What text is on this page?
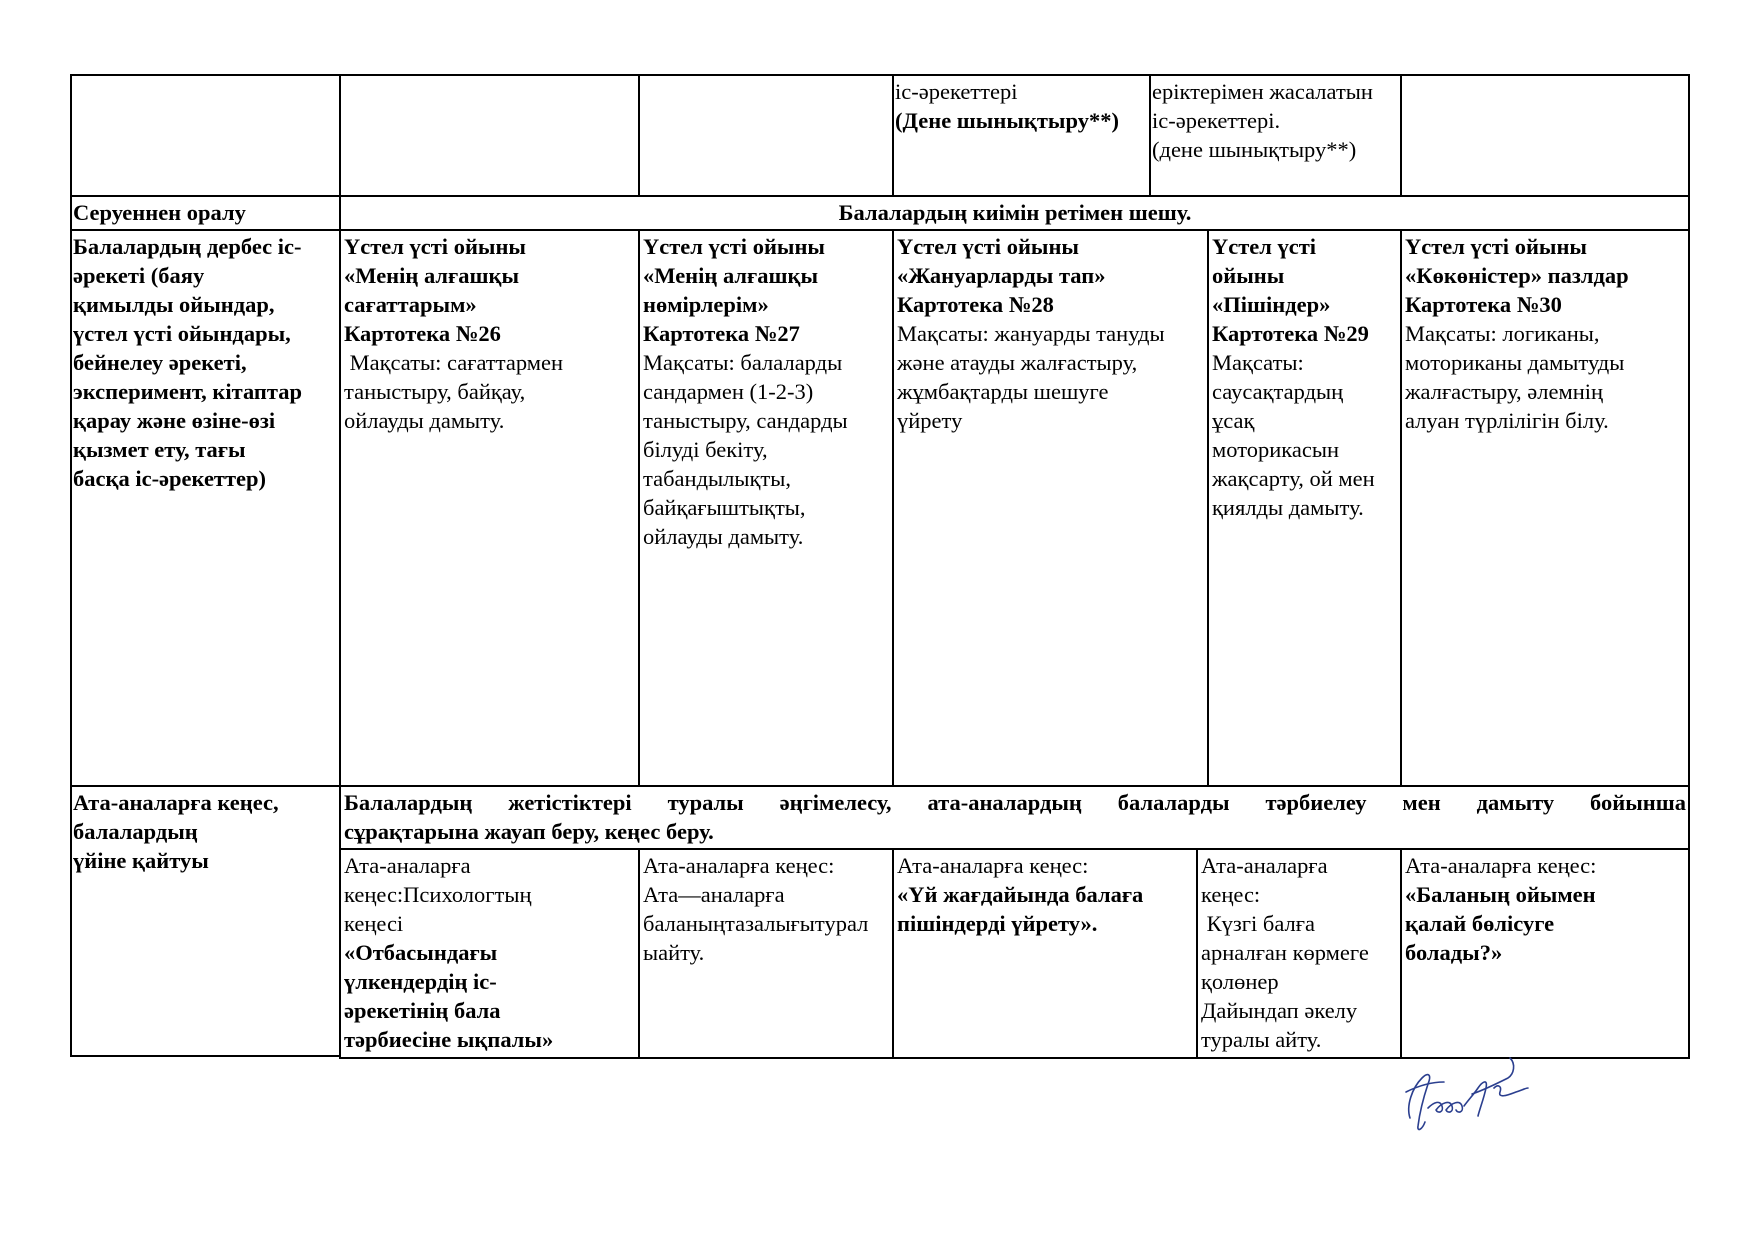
іс-әрекеттері
(Дене шынықтыру**)
еріктерімен жасалатын
іс-әрекеттері.
(дене шынықтыру**)
Серуеннен оралу	Балалардың киімін ретімен шешу.
Балалардың дербес іс-
әрекеті (баяу
қимылды ойындар,
үстел үсті ойындары,
бейнелеу әрекеті,
эксперимент, кітаптар
қарау және өзіне-өзі
қызмет ету, тағы
басқа іс-әрекеттер)
Үстел үсті ойыны
«Менің алғашқы
сағаттарым»
Картотека №26
Мақсаты: сағаттармен
таныстыру, байқау,
ойлауды дамыту.
Үстел үсті ойыны
«Менің алғашқы
нөмірлерім»
Картотека №27
Мақсаты: балаларды
сандармен (1-2-3)
таныстыру, сандарды
білуді бекіту,
табандылықты,
байқағыштықты,
ойлауды дамыту.
Үстел үсті ойыны
«Жануарларды тап»
Картотека №28
Мақсаты: жануарды тануды
және атауды жалғастыру,
жұмбақтарды шешуге
үйрету
Үстел үсті
ойыны
«Пішіндер»
Картотека №29
Мақсаты:
саусақтардың
ұсақ
моторикасын
жақсарту, ой мен
қиялды дамыту.
Үстел үсті ойыны
«Көкөністер» пазлдар
Картотека №30
Мақсаты: логиканы,
моториканы дамытуды
жалғастыру, әлемнің
алуан түрлілігін білу.
Ата-аналарға кеңес,
балалардың
үйіне қайтуы
Балалардың жетістіктері туралы әңгімелесу, ата-аналардың балаларды тәрбиелеу мен дамыту бойынша
сұрақтарына жауап беру, кеңес беру.
Ата-аналарға
кеңес:Психологтың
кеңесі
«Отбасындағы
үлкендердің іс-
әрекетінің бала
тәрбиесіне ықпалы»
Ата-аналарға кеңес:
Ата—аналарға
баланыңтазалығытурал
ыайту.
Ата-аналарға кеңес:
«Үй жағдайында балаға
пішіндерді үйрету».
Ата-аналарға
кеңес:
Күзгі балға
арналған көрмеге
қолөнер
Дайындап әкелу
туралы айту.
Ата-аналарға кеңес:
«Баланың ойымен
қалай бөлісуге
болады?»
